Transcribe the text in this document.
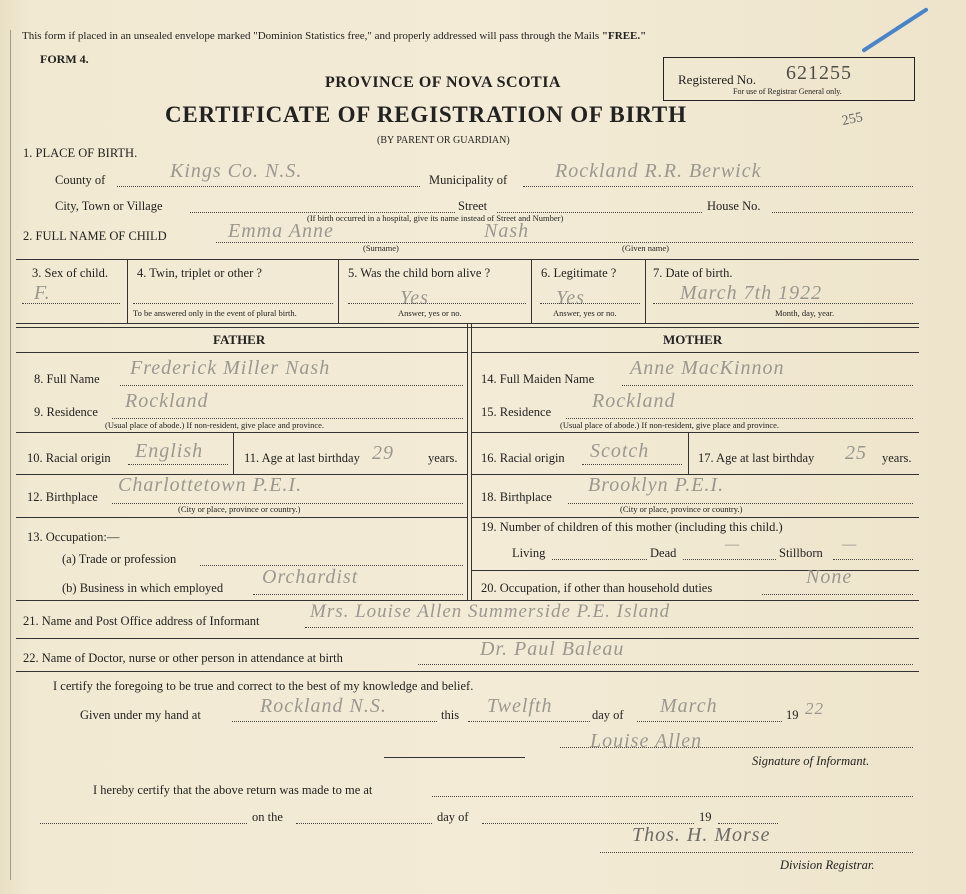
This form if placed in an unsealed envelope marked "Dominion Statistics free," and properly addressed will pass through the Mails "FREE."
FORM 4.
PROVINCE OF NOVA SCOTIA
CERTIFICATE OF REGISTRATION OF BIRTH
(BY PARENT OR GUARDIAN)
Registered No. 621255
For use of Registrar General only.
255
1. PLACE OF BIRTH.
County of	Kings Co. N.S.	Municipality of Rockland R.R. Berwick
City, Town or Village	Street	House No.
(If birth occurred in a hospital, give its name instead of Street and Number)
2. FULL NAME OF CHILD	Emma Anne	Nash
(Surname)	(Given name)
3. Sex of child.
F.
4. Twin, triplet or other ?
To be answered only in the event of plural birth.
5. Was the child born alive ?
Yes
Answer, yes or no.
6. Legitimate ?
Yes
Answer, yes or no.
7. Date of birth.
March 7th 1922
Month, day, year.
FATHER	MOTHER
8. Full Name Frederick Miller Nash
9. Residence Rockland
(Usual place of abode.) If non-resident, give place and province.
10. Racial origin English	11. Age at last birthday 29	years.
12. Birthplace
Charlottetown P.E.I.
(City or place, province or country.)
13. Occupation:—
(a) Trade or profession
(b) Business in which employed Orchardist
14. Full Maiden Name Anne MacKinnon
15. Residence Rockland
(Usual place of abode.) If non-resident, give place and province.
16. Racial origin Scotch	17. Age at last birthday 25 years.
18. Birthplace
Brooklyn P.E.I.
(City or place, province or country.)
19. Number of children of this mother (including this child.)
Living	Dead	—	Stillborn —
20. Occupation, if other than household duties	None
21. Name and Post Office address of Informant	Mrs. Louise Allen Summerside P.E. Island
22. Name of Doctor, nurse or other person in attendance at birth	Dr. Paul Baleau
I certify the foregoing to be true and correct to the best of my knowledge and belief.
Given under my hand at	Rockland N.S.	this Twelfth	day of March	19 22
Louise Allen
Signature of Informant.
I hereby certify that the above return was made to me at
on the	day of	19
Thos. H. Morse
Division Registrar.
